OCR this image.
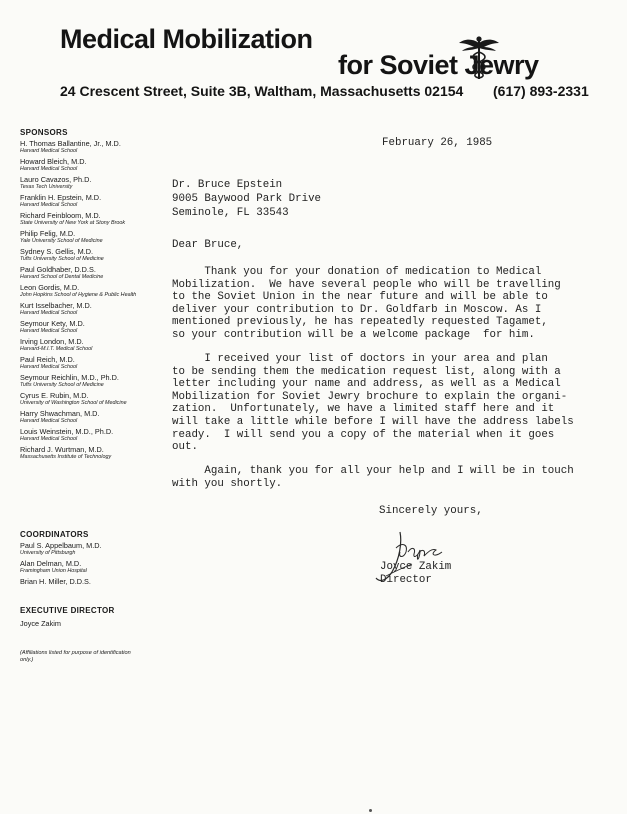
Medical Mobilization
for Soviet Jewry
24 Crescent Street, Suite 3B, Waltham, Massachusetts 02154 (617) 893-2331
SPONSORS
H. Thomas Ballantine, Jr., M.D.
Harvard Medical School
Howard Bleich, M.D.
Harvard Medical School
Lauro Cavazos, Ph.D.
Texas Tech University
Franklin H. Epstein, M.D.
Harvard Medical School
Richard Feinbloom, M.D.
State University of New York at Stony Brook
Philip Felig, M.D.
Yale University School of Medicine
Sydney S. Gellis, M.D.
Tufts University School of Medicine
Paul Goldhaber, D.D.S.
Harvard School of Dental Medicine
Leon Gordis, M.D.
John Hopkins School of Hygiene & Public Health
Kurt Isselbacher, M.D.
Harvard Medical School
Seymour Kety, M.D.
Harvard Medical School
Irving London, M.D.
Harvard-M.I.T. Medical School
Paul Reich, M.D.
Harvard Medical School
Seymour Reichlin, M.D., Ph.D.
Tufts University School of Medicine
Cyrus E. Rubin, M.D.
University of Washington School of Medicine
Harry Shwachman, M.D.
Harvard Medical School
Louis Weinstein, M.D., Ph.D.
Harvard Medical School
Richard J. Wurtman, M.D.
Massachusetts Institute of Technology
COORDINATORS
Paul S. Appelbaum, M.D.
University of Pittsburgh
Alan Delman, M.D.
Framingham Union Hospital
Brian H. Miller, D.D.S.
EXECUTIVE DIRECTOR
Joyce Zakim
(Affiliations listed for purpose of identification only.)
February 26, 1985
Dr. Bruce Epstein
9005 Baywood Park Drive
Seminole, FL 33543
Dear Bruce,
Thank you for your donation of medication to Medical
Mobilization.  We have several people who will be travelling
to the Soviet Union in the near future and will be able to
deliver your contribution to Dr. Goldfarb in Moscow. As I
mentioned previously, he has repeatedly requested Tagamet,
so your contribution will be a welcome package  for him.
I received your list of doctors in your area and plan
to be sending them the medication request list, along with a
letter including your name and address, as well as a Medical
Mobilization for Soviet Jewry brochure to explain the organi-
zation.  Unfortunately, we have a limited staff here and it
will take a little while before I will have the address labels
ready.  I will send you a copy of the material when it goes
out.
Again, thank you for all your help and I will be in touch
with you shortly.
Sincerely yours,
Joyce Zakim
Director
